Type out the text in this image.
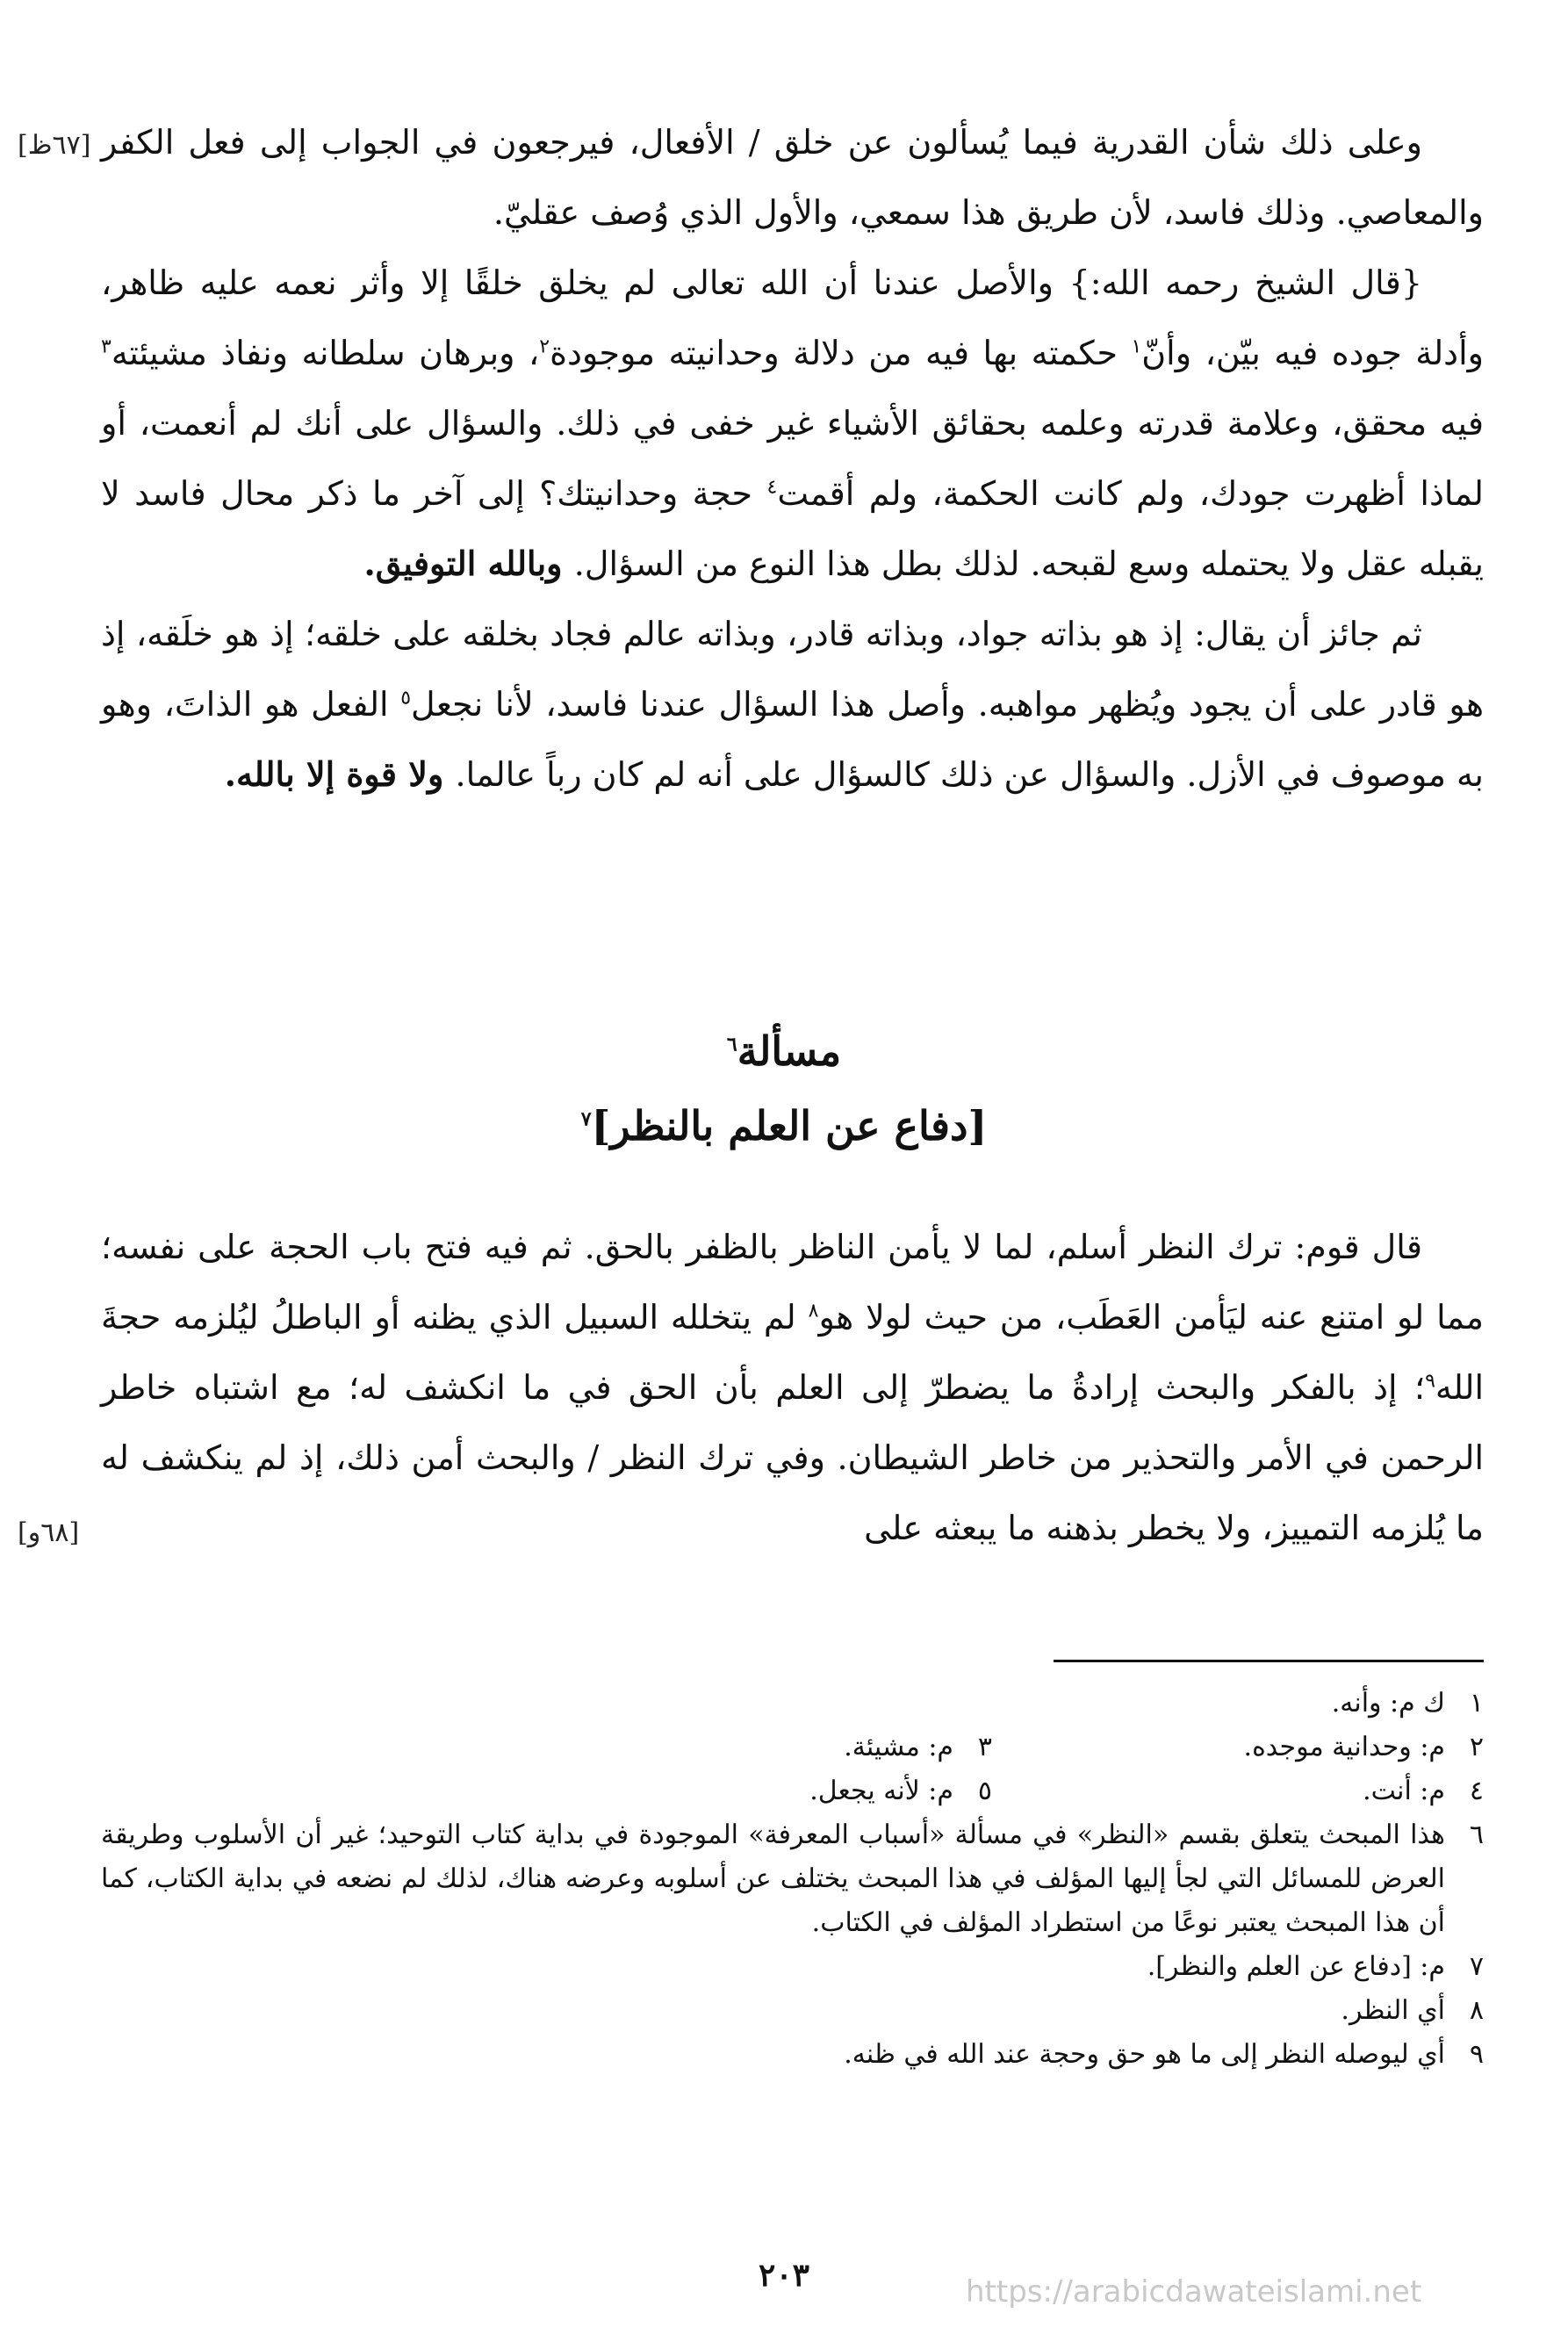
[٦٧ظ]
[٦٨و]

وعلى ذلك شأن القدرية فيما يُسألون عن خلق / الأفعال، فيرجعون في الجواب إلى فعل الكفر والمعاصي. وذلك فاسد، لأن طريق هذا سمعي، والأول الذي وُصف عقليّ.

{قال الشيخ رحمه الله:} والأصل عندنا أن الله تعالى لم يخلق خلقًا إلا وأثر نعمه عليه ظاهر، وأدلة جوده فيه بيّن، وأنّ$^١$ حكمته بها فيه من دلالة وحدانيته موجودة$^٢$، وبرهان سلطانه ونفاذ مشيئته$^٣$ فيه محقق، وعلامة قدرته وعلمه بحقائق الأشياء غير خفى في ذلك. والسؤال على أنك لم أنعمت، أو لماذا أظهرت جودك، ولم كانت الحكمة، ولم أقمت$^٤$ حجة وحدانيتك؟ إلى آخر ما ذكر محال فاسد لا يقبله عقل ولا يحتمله وسع لقبحه. لذلك بطل هذا النوع من السؤال. وبالله التوفيق.

ثم جائز أن يقال: إذ هو بذاته جواد، وبذاته قادر، وبذاته عالم فجاد بخلقه على خلقه؛ إذ هو خلَقه، إذ هو قادر على أن يجود ويُظهر مواهبه. وأصل هذا السؤال عندنا فاسد، لأنا نجعل$^٥$ الفعل هو الذاتَ، وهو به موصوف في الأزل. والسؤال عن ذلك كالسؤال على أنه لم كان رباً عالما. ولا قوة إلا بالله.

مسألة$^٦$
[دفاع عن العلم بالنظر]$^٧$

قال قوم: ترك النظر أسلم، لما لا يأمن الناظر بالظفر بالحق. ثم فيه فتح باب الحجة على نفسه؛ مما لو امتنع عنه ليَأمن العَطَب، من حيث لولا هو$^٨$ لم يتخلله السبيل الذي يظنه أو الباطلُ ليُلزمه حجةَ الله$^٩$؛ إذ بالفكر والبحث إرادةُ ما يضطرّ إلى العلم بأن الحق في ما انكشف له؛ مع اشتباه خاطر الرحمن في الأمر والتحذير من خاطر الشيطان. وفي ترك النظر / والبحث أمن ذلك، إذ لم ينكشف له ما يُلزمه التمييز، ولا يخطر بذهنه ما يبعثه على

١
ك م: وأنه.
٢
م: وحدانية موجده.
٣
م: مشيئة.
٤
م: أنت.
٥
م: لأنه يجعل.
٦
هذا المبحث يتعلق بقسم «النظر» في مسألة «أسباب المعرفة» الموجودة في بداية كتاب التوحيد؛ غير أن الأسلوب وطريقة العرض للمسائل التي لجأ إليها المؤلف في هذا المبحث يختلف عن أسلوبه وعرضه هناك، لذلك لم نضعه في بداية الكتاب، كما أن هذا المبحث يعتبر نوعًا من استطراد المؤلف في الكتاب.
٧
م: [دفاع عن العلم والنظر].
٨
أي النظر.
٩
أي ليوصله النظر إلى ما هو حق وحجة عند الله في ظنه.
٢٠٣	https://arabicdawateislami.net
